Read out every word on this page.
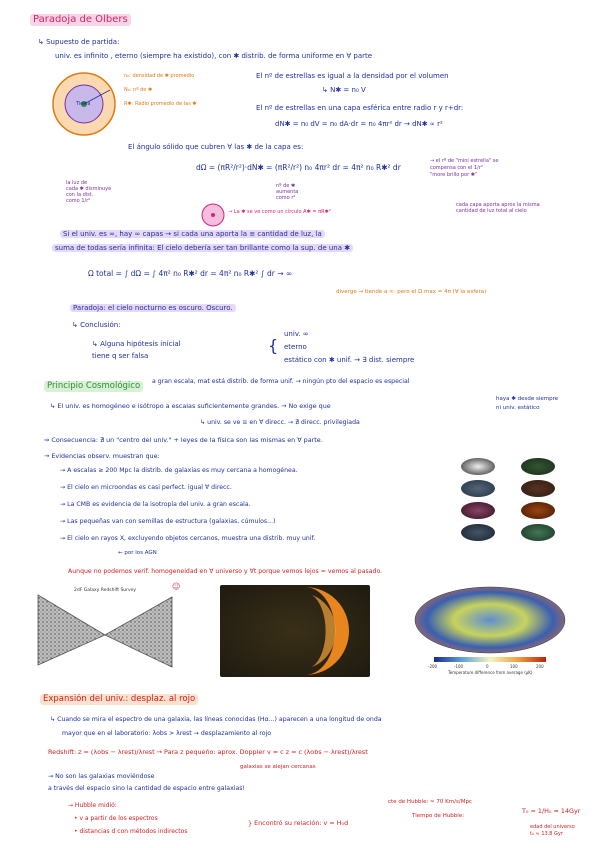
Paradoja de Olbers
↳ Supuesto de partida:
univ. es infinito , eterno (siempre ha existido), con ✱ distrib. de forma uniforme en ∀ parte
Tierra
n₀: densidad de ✱ promedio
N₀: nº de ✱
R✱: Radio promedio de las ✱
El nº de estrellas es igual a la densidad por el volumen
↳ N✱ = n₀ V
El nº de estrellas en una capa esférica entre radio r y r+dr:
dN✱ = n₀ dV = n₀ dA·dr = n₀ 4πr² dr → dN✱ ∝ r²
El ángulo sólido que cubren ∀ las ✱ de la capa es:
dΩ = (πR²/r²)·dN✱ = (πR²/r²) n₀ 4πr² dr = 4π² n₀ R✱² dr
la luz de
cada ✱ disminuye
con la dist.
como 1/r²
nº de ✱
aumenta
como r²
→ el rº de "mini estrella" se
compensa con el 1/r²
"more brillo por ✱"
cada capa aporta aprox la misma
cantidad de luz total al cielo
→ La ✱ se ve como un círculo A✱ = πR✱²
Si el univ. es ∞, hay ∞ capas → si cada una aporta la ≡ cantidad de luz, la
suma de todas sería infinita: El cielo debería ser tan brillante como la sup. de una ✱
Ω total = ∫ dΩ = ∫ 4π² n₀ R✱² dr = 4π² n₀ R✱² ∫ dr → ∞
diverge → tiende a ∞: pero el Ω max = 4π (∀ la esfera)
Paradoja: el cielo nocturno es oscuro. Oscuro.
↳ Conclusión:
↳ Alguna hipótesis inicial
tiene q ser falsa
{
univ. ∞
eterno
estático con ✱ unif. → ∃ dist. siempre
Principio Cosmológico	a gran escala, mat está distrib. de forma unif. → ningún pto del espacio es especial
↳ El univ. es homogéneo e isótropo a escalas suficientemente grandes. → No exige que
haya ✱ desde siempre
ni univ. estático
↳ univ. se ve ≡ en ∀ direcc. → ∄ direcc. privilegiada
⇒ Consecuencia: ∄ un "centro del univ." + leyes de la física son las mismas en ∀ parte.
→ Evidencias observ. muestran que:
→ A escalas ≥ 200 Mpc la distrib. de galaxias es muy cercana a homogénea.
→ El cielo en microondas es casi perfect. igual ∀ direcc.
→ La CMB es evidencia de la isotropía del univ. a gran escala.
→ Las pequeñas van con semillas de estructura (galaxias, cúmulos...)
→ El cielo en rayos X, excluyendo objetos cercanos, muestra una distrib. muy unif.
← por los AGN
Aunque no podemos verif. homogeneidad en ∀ universo y ∀t porque vemos lejos = vemos al pasado.
2dF Galaxy Redshift Survey	☺
-200	-100	0	100	200
Temperature difference from average (µK)
Expansión del univ.: desplaz. al rojo
↳ Cuando se mira el espectro de una galaxia, las líneas conocidas (Hα...) aparecen a una longitud de onda
mayor que en el laboratorio: λobs > λrest → desplazamiento al rojo
Redshift: z = (λobs − λrest)/λrest → Para z pequeño: aprox. Doppler v ≈ c z = c (λobs − λrest)/λrest
galaxias se alejan cercanas
→ No son las galaxias moviéndose
a través del espacio sino la cantidad de espacio entre galaxias!
→ Hubble midió:
• v a partir de los espectros
• distancias d con métodos indirectos
} Encontró su relación: v = H₀d
cte de Hubble: ≈ 70 Km/s/Mpc
Tiempo de Hubble:
T₀ = 1/H₀ ≈ 14Gyr
edad del universo
t₀ ≈ 13.8 Gyr
